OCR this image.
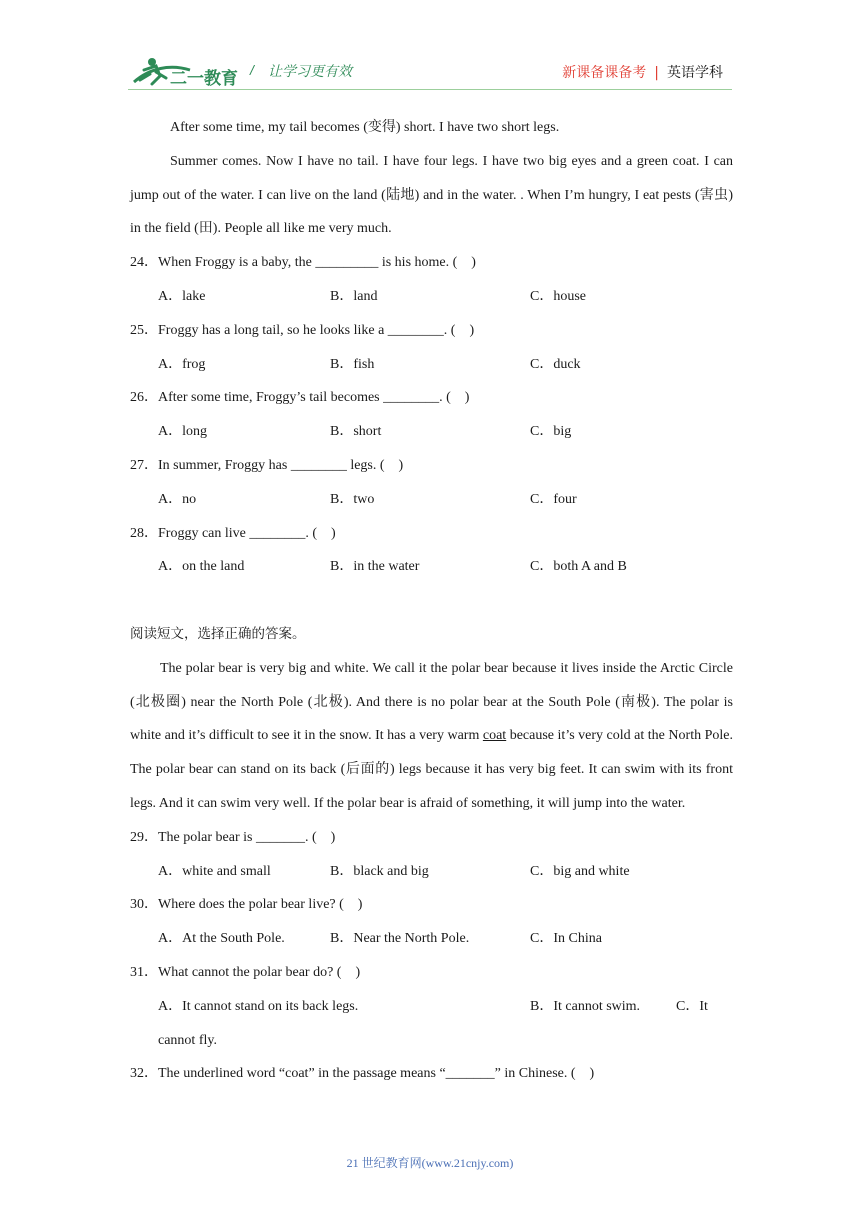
二一教育 / 让学习更有效	新课备课备考 | 英语学科

After some time, my tail becomes (变得) short. I have two short legs.

Summer comes. Now I have no tail. I have four legs. I have two big eyes and a green coat. I can jump out of the water. I can live on the land (陆地) and in the water. . When I’m hungry, I eat pests (害虫) in the field (田). People all like me very much.

24．When Froggy is a baby, the _________ is his home. ( )

A．lake	B．land	C．house

25．Froggy has a long tail, so he looks like a ________. ( )

A．frog	B．fish	C．duck

26．After some time, Froggy’s tail becomes ________. ( )

A．long	B．short	C．big

27．In summer, Froggy has ________ legs. ( )

A．no	B．two	C．four

28．Froggy can live ________. ( )

A．on the land	B．in the water	C．both A and B

阅读短文，选择正确的答案。

The polar bear is very big and white. We call it the polar bear because it lives inside the Arctic Circle (北极圈) near the North Pole (北极). And there is no polar bear at the South Pole (南极). The polar is white and it’s difficult to see it in the snow. It has a very warm coat because it’s very cold at the North Pole. The polar bear can stand on its back (后面的) legs because it has very big feet. It can swim with its front legs. And it can swim very well. If the polar bear is afraid of something, it will jump into the water.

29．The polar bear is _______. ( )

A．white and small	B．black and big	C．big and white

30．Where does the polar bear live? ( )

A．At the South Pole.	B．Near the North Pole.	C．In China

31．What cannot the polar bear do? ( )

A．It cannot stand on its back legs.	B．It cannot swim.	C．It

cannot fly.

32．The underlined word “coat” in the passage means “_______” in Chinese. ( )

21 世纪教育网(www.21cnjy.com)
